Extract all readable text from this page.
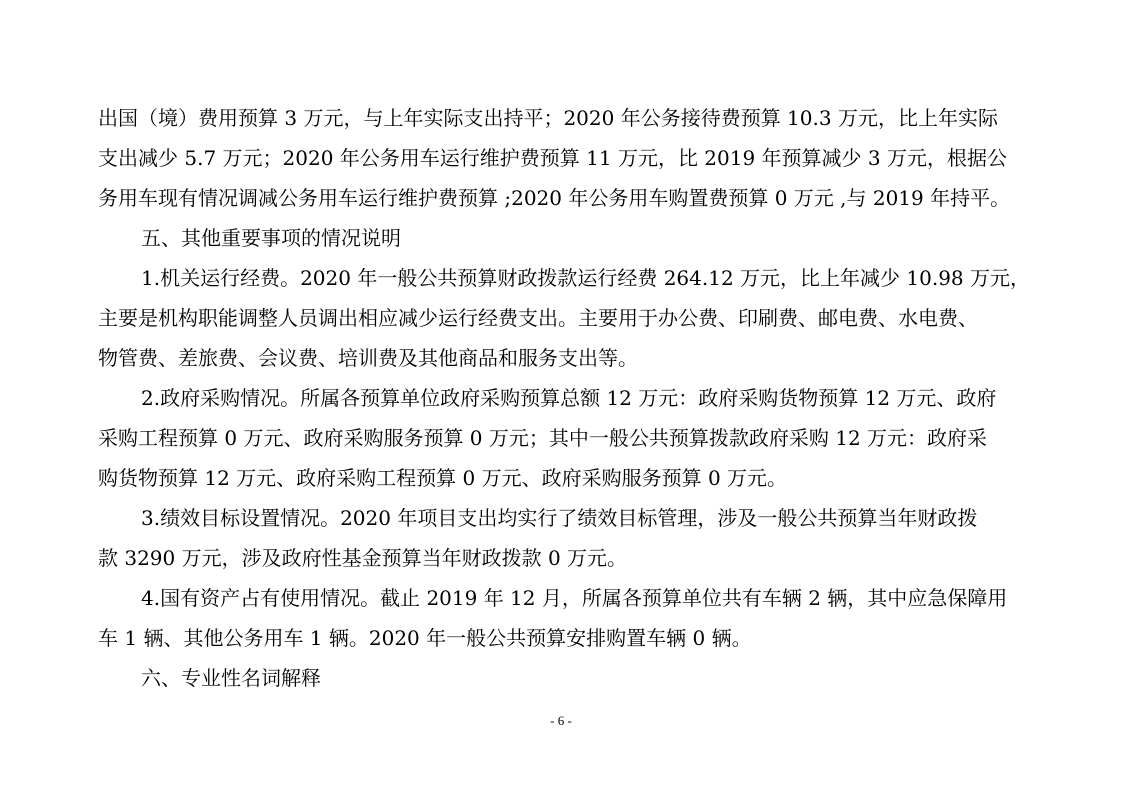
出国（境）费用预算 3 万元，与上年实际支出持平；2020 年公务接待费预算 10.3 万元，比上年实际
支出减少 5.7 万元；2020 年公务用车运行维护费预算 11 万元，比 2019 年预算减少 3 万元，根据公
务用车现有情况调减公务用车运行维护费预算 ;2020 年公务用车购置费预算 0 万元 ,与 2019 年持平。
五、其他重要事项的情况说明
1.机关运行经费。2020 年一般公共预算财政拨款运行经费 264.12 万元，比上年减少 10.98 万元，
主要是机构职能调整人员调出相应减少运行经费支出。主要用于办公费、印刷费、邮电费、水电费、
物管费、差旅费、会议费、培训费及其他商品和服务支出等。
2.政府采购情况。所属各预算单位政府采购预算总额 12 万元：政府采购货物预算 12 万元、政府
采购工程预算 0 万元、政府采购服务预算 0 万元；其中一般公共预算拨款政府采购 12 万元：政府采
购货物预算 12 万元、政府采购工程预算 0 万元、政府采购服务预算 0 万元。
3.绩效目标设置情况。2020 年项目支出均实行了绩效目标管理，涉及一般公共预算当年财政拨
款 3290 万元，涉及政府性基金预算当年财政拨款 0 万元。
4.国有资产占有使用情况。截止 2019 年 12 月，所属各预算单位共有车辆 2 辆，其中应急保障用
车 1 辆、其他公务用车 1 辆。2020 年一般公共预算安排购置车辆 0 辆。
六、专业性名词解释
- 6 -
